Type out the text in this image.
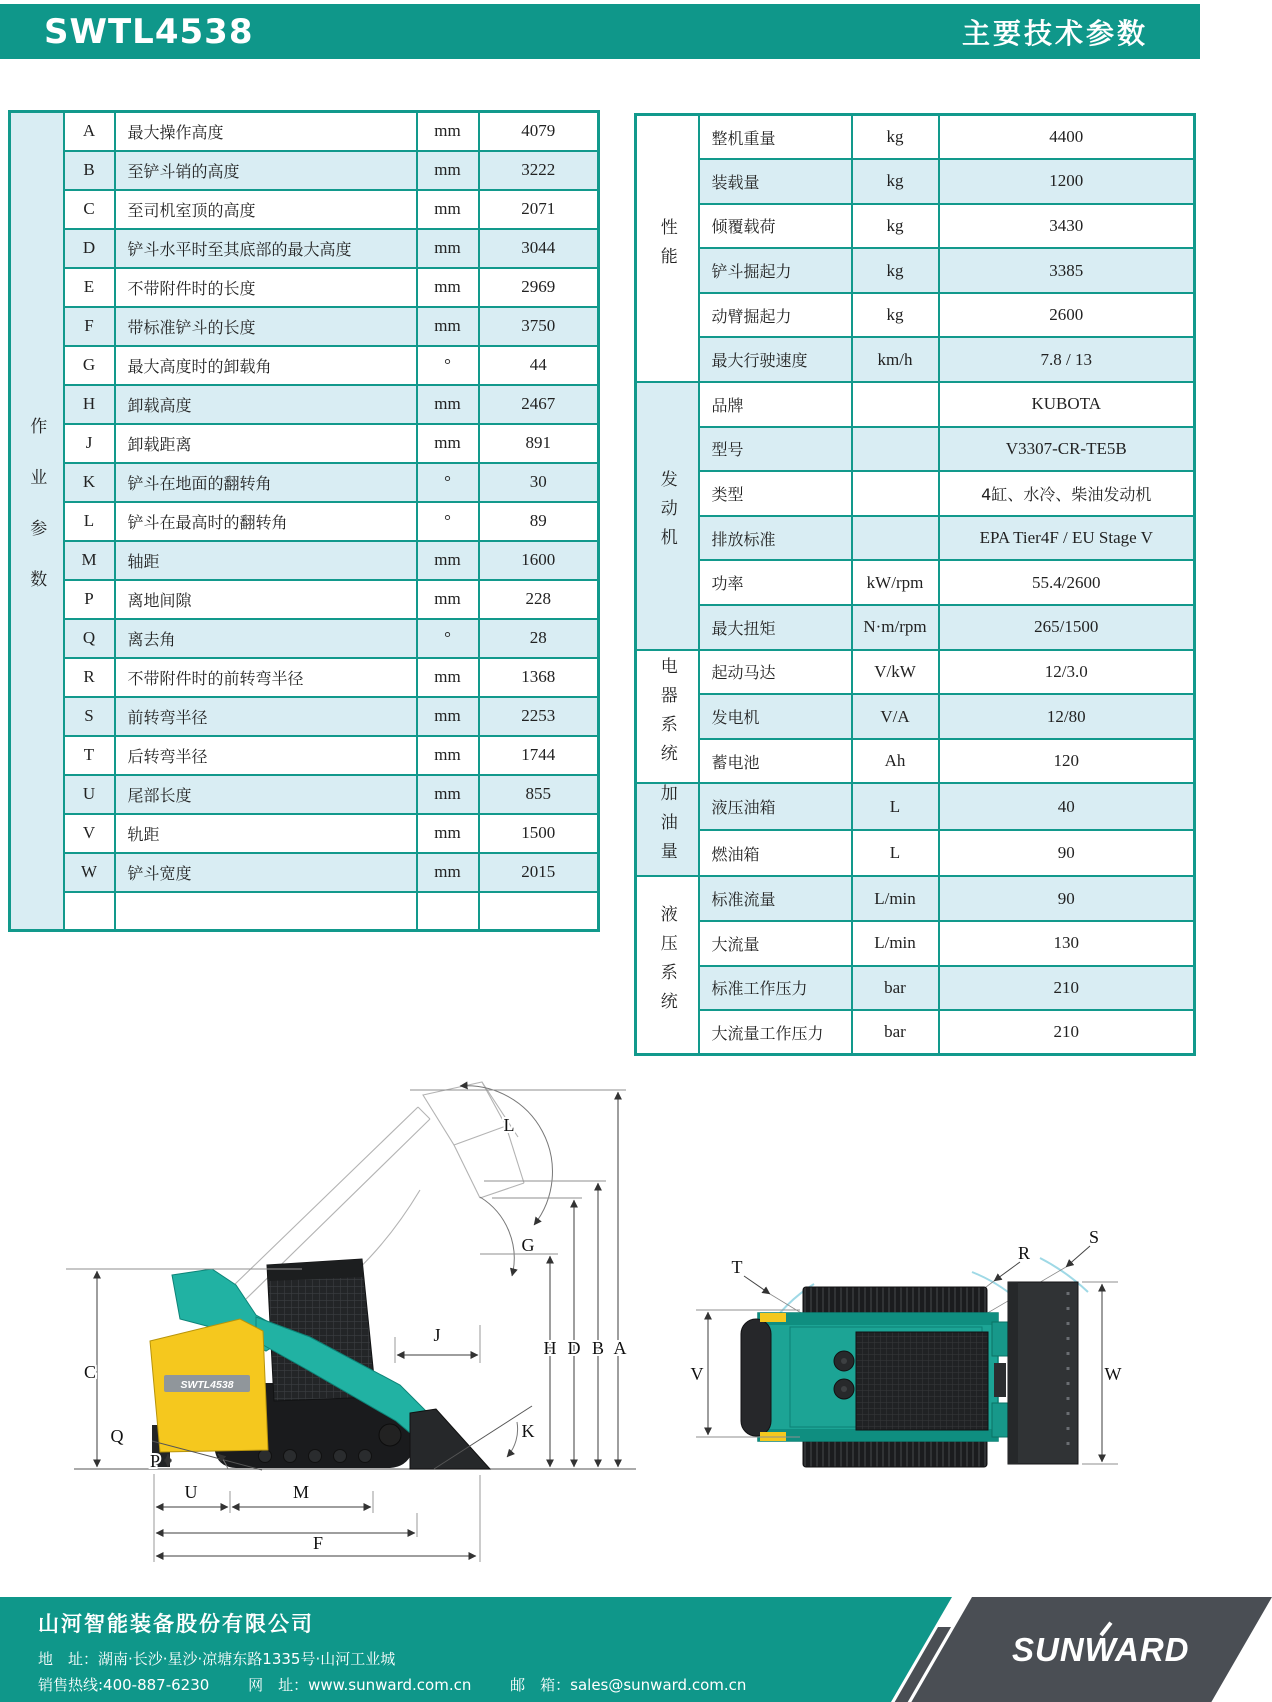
SWTL4538	主要技术参数
作业参数	A	最大操作高度	mm	4079
	B	至铲斗销的高度	mm	3222
	C	至司机室顶的高度	mm	2071
	D	铲斗水平时至其底部的最大高度	mm	3044
	E	不带附件时的长度	mm	2969
	F	带标准铲斗的长度	mm	3750
	G	最大高度时的卸载角	°	44
	H	卸载高度	mm	2467
	J	卸载距离	mm	891
	K	铲斗在地面的翻转角	°	30
	L	铲斗在最高时的翻转角	°	89
	M	轴距	mm	1600
	P	离地间隙	mm	228
	Q	离去角	°	28
	R	不带附件时的前转弯半径	mm	1368
	S	前转弯半径	mm	2253
	T	后转弯半径	mm	1744
	U	尾部长度	mm	855
	V	轨距	mm	1500
	W	铲斗宽度	mm	2015

性能	整机重量	kg	4400
	装载量	kg	1200
	倾覆载荷	kg	3430
	铲斗掘起力	kg	3385
	动臂掘起力	kg	2600
	最大行驶速度	km/h	7.8 / 13
发动机	品牌		KUBOTA
	型号		V3307-CR-TE5B
	类型		4缸、水冷、柴油发动机
	排放标准		EPA Tier4F / EU Stage V
	功率	kW/rpm	55.4/2600
	最大扭矩	N·m/rpm	265/1500
电器系统	起动马达	V/kW	12/3.0
	发电机	V/A	12/80
	蓄电池	Ah	120
加油量	液压油箱	L	40
	燃油箱	L	90
液压系统	标准流量	L/min	90
	大流量	L/min	130
	标准工作压力	bar	210
	大流量工作压力	bar	210
SWTL4538
H D B A
L
G
J
C
Q
P
K
U	M
F
V	W
T
R
S
SUNWARD
山河智能装备股份有限公司
地　址：湖南·长沙·星沙·凉塘东路1335号·山河工业城
销售热线:400-887-6230	网　址：www.sunward.com.cn	邮　箱：sales@sunward.com.cn
